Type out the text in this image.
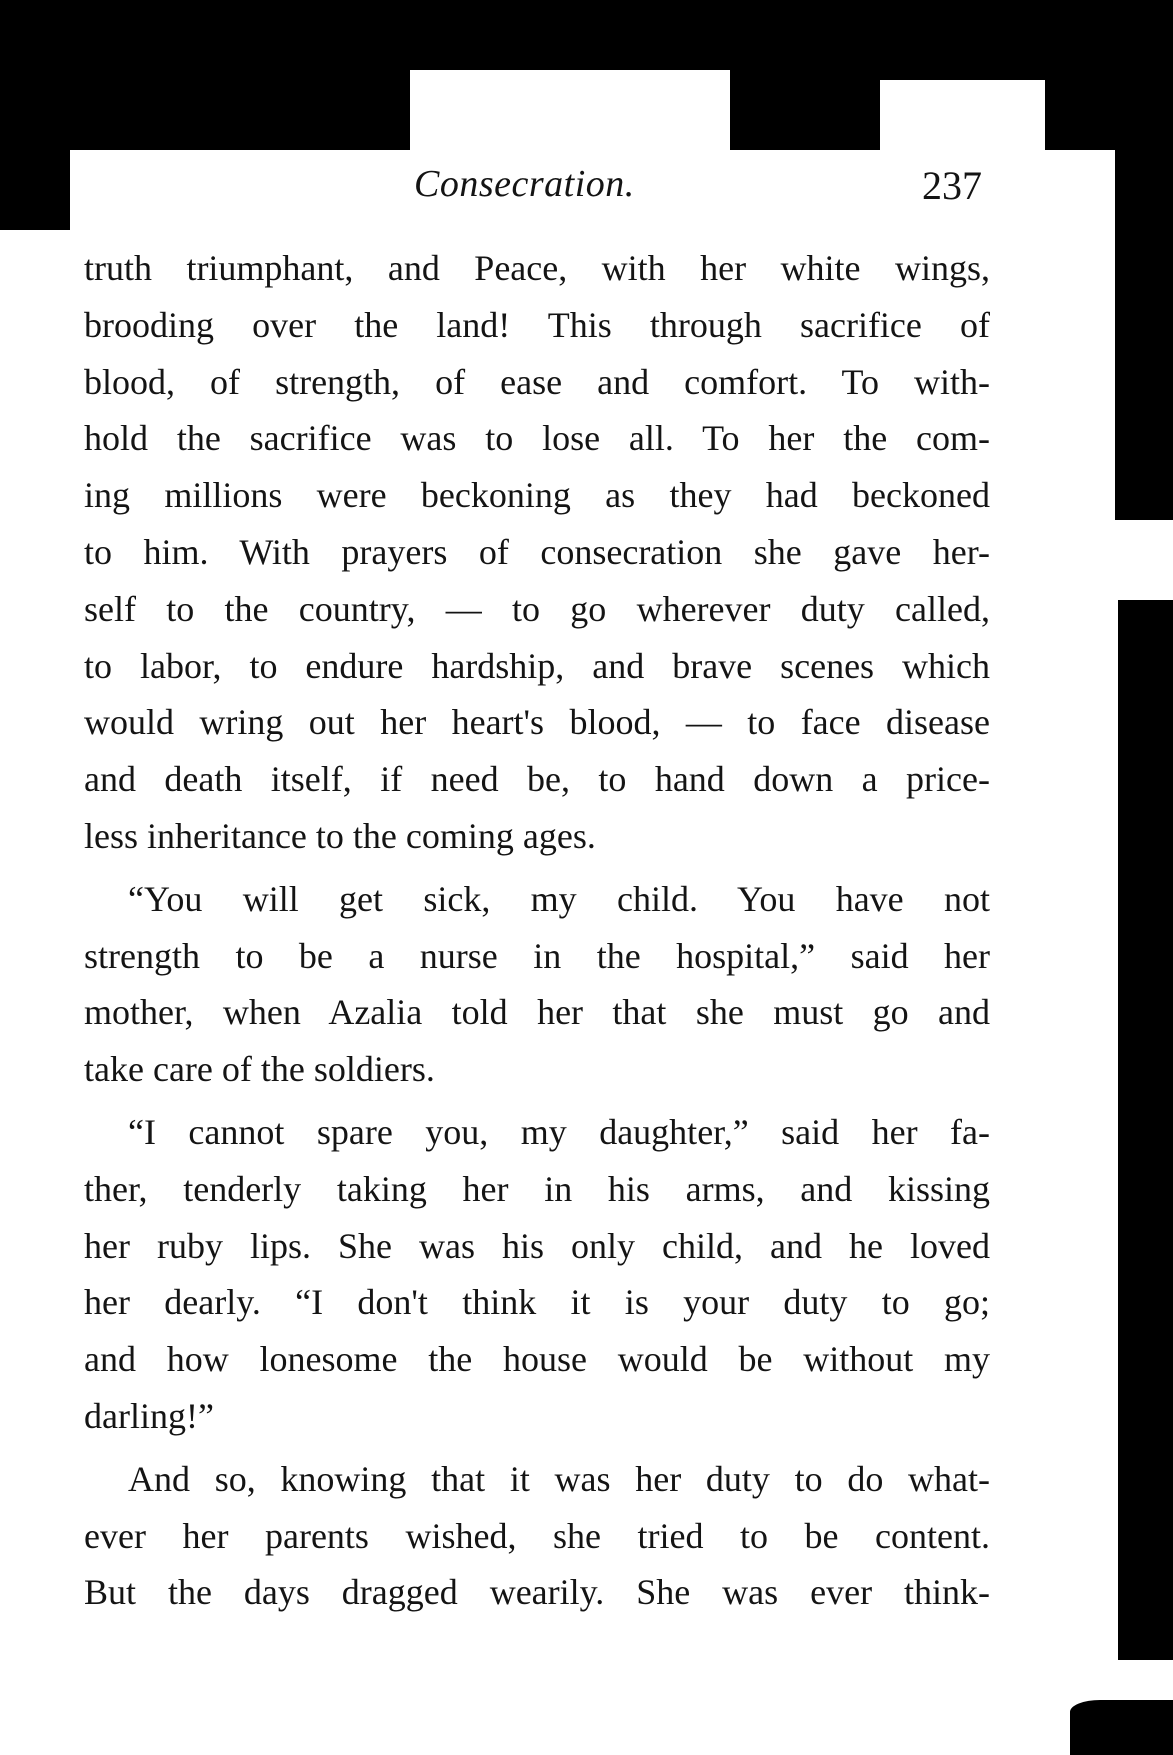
Consecration.	237

truth triumphant, and Peace, with her white wings,
brooding over the land! This through sacrifice of
blood, of strength, of ease and comfort. To with-
hold the sacrifice was to lose all. To her the com-
ing millions were beckoning as they had beckoned
to him. With prayers of consecration she gave her-
self to the country, — to go wherever duty called,
to labor, to endure hardship, and brave scenes which
would wring out her heart's blood, — to face disease
and death itself, if need be, to hand down a price-
less inheritance to the coming ages.

“You will get sick, my child. You have not
strength to be a nurse in the hospital,” said her
mother, when Azalia told her that she must go and
take care of the soldiers.

“I cannot spare you, my daughter,” said her fa-
ther, tenderly taking her in his arms, and kissing
her ruby lips. She was his only child, and he loved
her dearly. “I don't think it is your duty to go;
and how lonesome the house would be without my
darling!”

And so, knowing that it was her duty to do what-
ever her parents wished, she tried to be content.
But the days dragged wearily. She was ever think-
